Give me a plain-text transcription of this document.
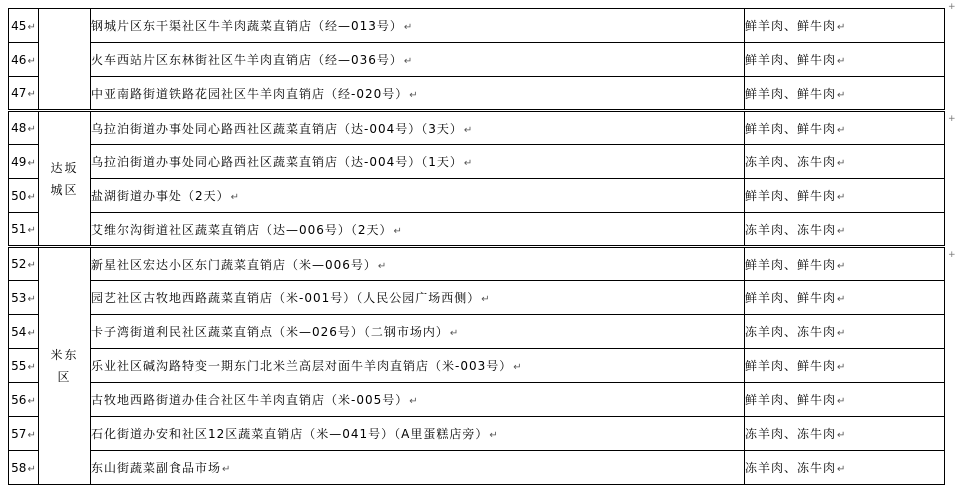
45↵		钢城片区东干渠社区牛羊肉蔬菜直销店（经—013号）↵	鲜羊肉、鲜牛肉↵
46↵		火车西站片区东林街社区牛羊肉直销店（经—036号）↵	鲜羊肉、鲜牛肉↵
47↵		中亚南路街道铁路花园社区牛羊肉直销店（经-020号）↵	鲜羊肉、鲜牛肉↵
48↵	达坂城区	乌拉泊街道办事处同心路西社区蔬菜直销店（达-004号）（3天）↵	鲜羊肉、鲜牛肉↵
49↵		乌拉泊街道办事处同心路西社区蔬菜直销店（达-004号）（1天）↵	冻羊肉、冻牛肉↵
50↵		盐湖街道办事处（2天）↵	鲜羊肉、鲜牛肉↵
51↵		艾维尔沟街道社区蔬菜直销店（达—006号）（2天）↵	冻羊肉、冻牛肉↵
52↵	米东区	新星社区宏达小区东门蔬菜直销店（米—006号）↵	鲜羊肉、鲜牛肉↵
53↵		园艺社区古牧地西路蔬菜直销店（米-001号）（人民公园广场西侧）↵	鲜羊肉、鲜牛肉↵
54↵		卡子湾街道利民社区蔬菜直销点（米—026号）（二钢市场内）↵	冻羊肉、冻牛肉↵
55↵		乐业社区碱沟路特变一期东门北米兰高层对面牛羊肉直销店（米-003号）↵	鲜羊肉、鲜牛肉↵
56↵		古牧地西路街道办佳合社区牛羊肉直销店（米-005号）↵	鲜羊肉、鲜牛肉↵
57↵		石化街道办安和社区12区蔬菜直销店（米—041号）（A里蛋糕店旁）↵	冻羊肉、冻牛肉↵
58↵		东山街蔬菜副食品市场↵	冻羊肉、冻牛肉↵
+
+
+
